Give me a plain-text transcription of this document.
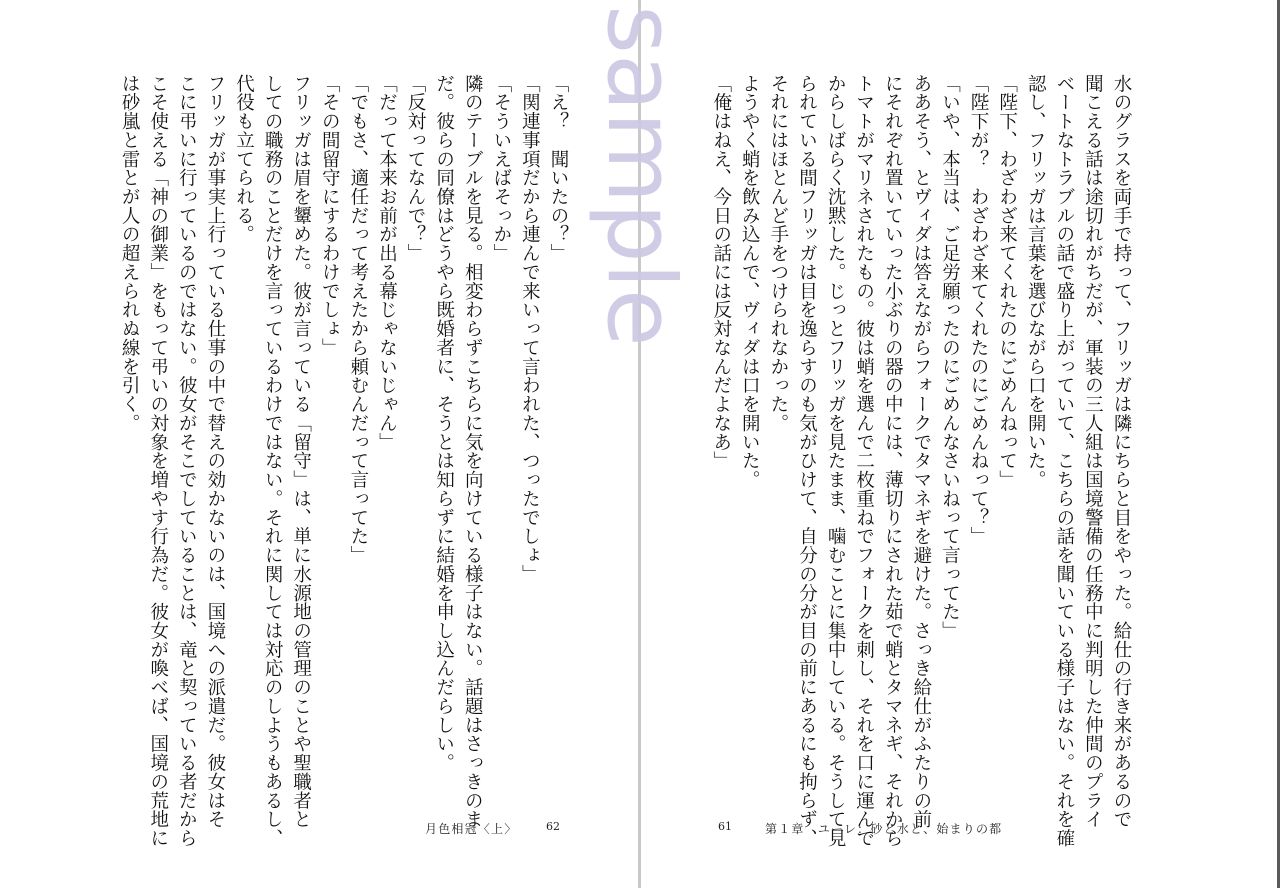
「え？　聞いたの？」
「関連事項だから連んで来いって言われた、つったでしょ」
「そういえばそっか」
隣のテーブルを見る。相変わらずこちらに気を向けている様子はない。話題はさっきのま
だ。彼らの同僚はどうやら既婚者に、そうとは知らずに結婚を申し込んだらしい。
「反対ってなんで？」
「だって本来お前が出る幕じゃないじゃん」
「でもさ、適任だって考えたから頼むんだって言ってた」
「その間留守にするわけでしょ」
フリッガは眉を顰めた。彼が言っている「留守」は、単に水源地の管理のことや聖職者と
しての職務のことだけを言っているわけではない。それに関しては対応のしようもあるし、
代役も立てられる。
フリッガが事実上行っている仕事の中で替えの効かないのは、国境への派遣だ。彼女はそ
こに弔いに行っているのではない。彼女がそこでしていることは、竜と契っている者だから
こそ使える「神の御業」をもって弔いの対象を増やす行為だ。彼女が喚べば、国境の荒地に
は砂嵐と雷とが人の超えられぬ線を引く。	水のグラスを両手で持って、フリッガは隣にちらと目をやった。給仕の行き来があるので
聞こえる話は途切れがちだが、軍装の三人組は国境警備の任務中に判明した仲間のプライ
ベートなトラブルの話で盛り上がっていて、こちらの話を聞いている様子はない。それを確
認し、フリッガは言葉を選びながら口を開いた。
「陛下、わざわざ来てくれたのにごめんねって」
「陛下が？　わざわざ来てくれたのにごめんねって？」
「いや、本当は、ご足労願ったのにごめんなさいねって言ってた」
ああそう、とヴィダは答えながらフォークでタマネギを避けた。さっき給仕がふたりの前
にそれぞれ置いていった小ぶりの器の中には、薄切りにされた茹で蛸とタマネギ、それから
トマトがマリネされたもの。彼は蛸を選んで二枚重ねでフォークを刺し、それを口に運んで
からしばらく沈黙した。じっとフリッガを見たまま、噛むことに集中している。そうして見
られている間フリッガは目を逸らすのも気がひけて、自分の分が目の前にあるにも拘らず、
それにはほとんど手をつけられなかった。
ようやく蛸を飲み込んで、ヴィダは口を開いた。
「俺はねえ、今日の話には反対なんだよなあ」
sample
月色相冠〈上〉	62	61	第１章　ユーレ：砂と水と、始まりの都
